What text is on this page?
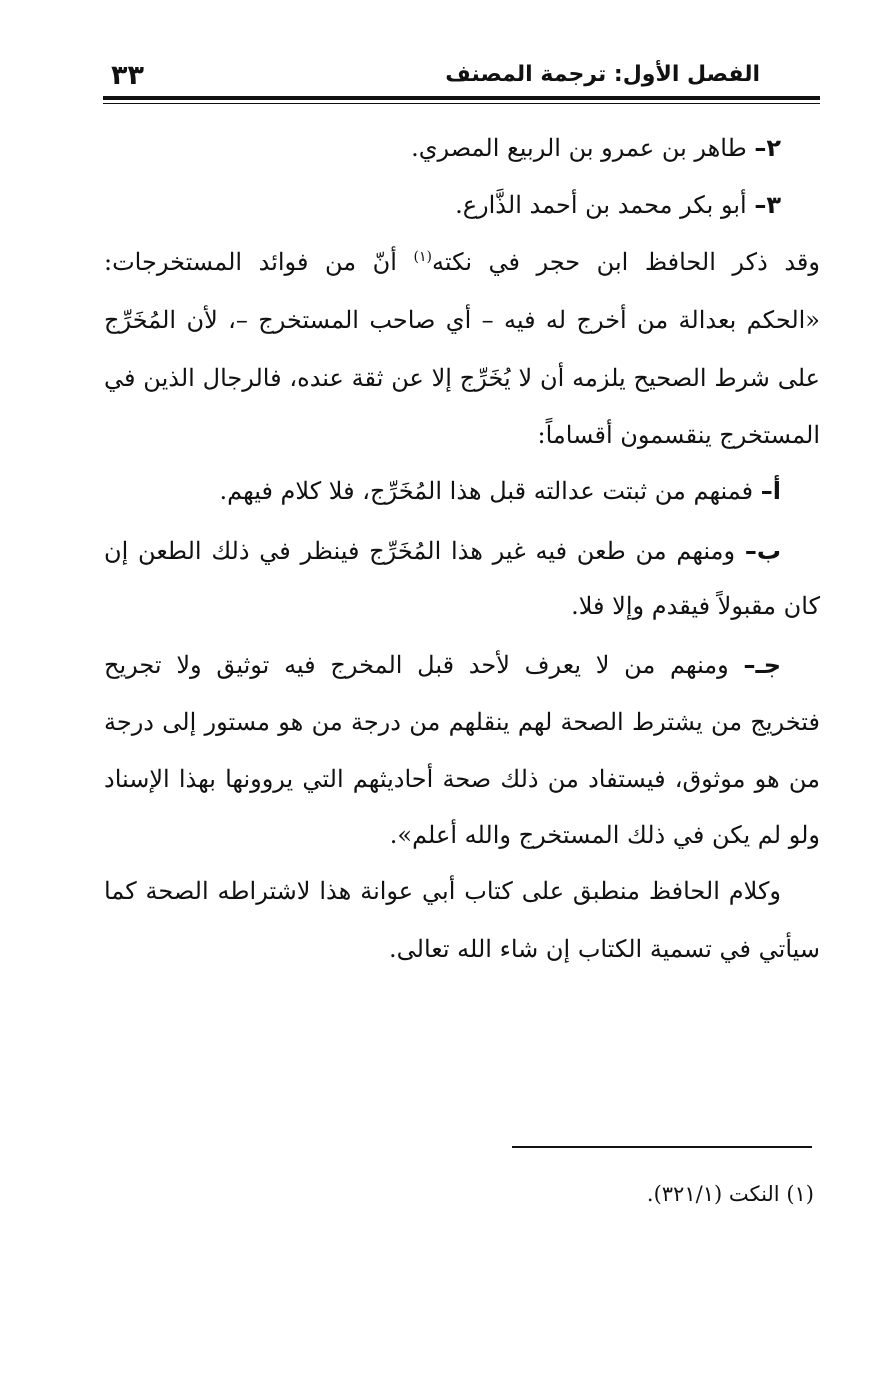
الفصل الأول: ترجمة المصنف
٣٣
٢– طاهر بن عمرو بن الربيع المصري.
٣– أبو بكر محمد بن أحمد الذَّارع.
وقد ذكر الحافظ ابن حجر في نكته$^{(١)}$ أنّ من فوائد المستخرجات:
«الحكم بعدالة من أخرج له فيه – أي صاحب المستخرج –، لأن المُخَرِّج
على شرط الصحيح يلزمه أن لا يُخَرِّج إلا عن ثقة عنده، فالرجال الذين في
المستخرج ينقسمون أقساماً:
أ– فمنهم من ثبتت عدالته قبل هذا المُخَرِّج، فلا كلام فيهم.
ب– ومنهم من طعن فيه غير هذا المُخَرِّج فينظر في ذلك الطعن إن
كان مقبولاً فيقدم وإلا فلا.
جـ– ومنهم من لا يعرف لأحد قبل المخرج فيه توثيق ولا تجريح
فتخريج من يشترط الصحة لهم ينقلهم من درجة من هو مستور إلى درجة
من هو موثوق، فيستفاد من ذلك صحة أحاديثهم التي يروونها بهذا الإسناد
ولو لم يكن في ذلك المستخرج والله أعلم».
وكلام الحافظ منطبق على كتاب أبي عوانة هذا لاشتراطه الصحة كما
سيأتي في تسمية الكتاب إن شاء الله تعالى.
(١) النكت (٣٢١/١).
